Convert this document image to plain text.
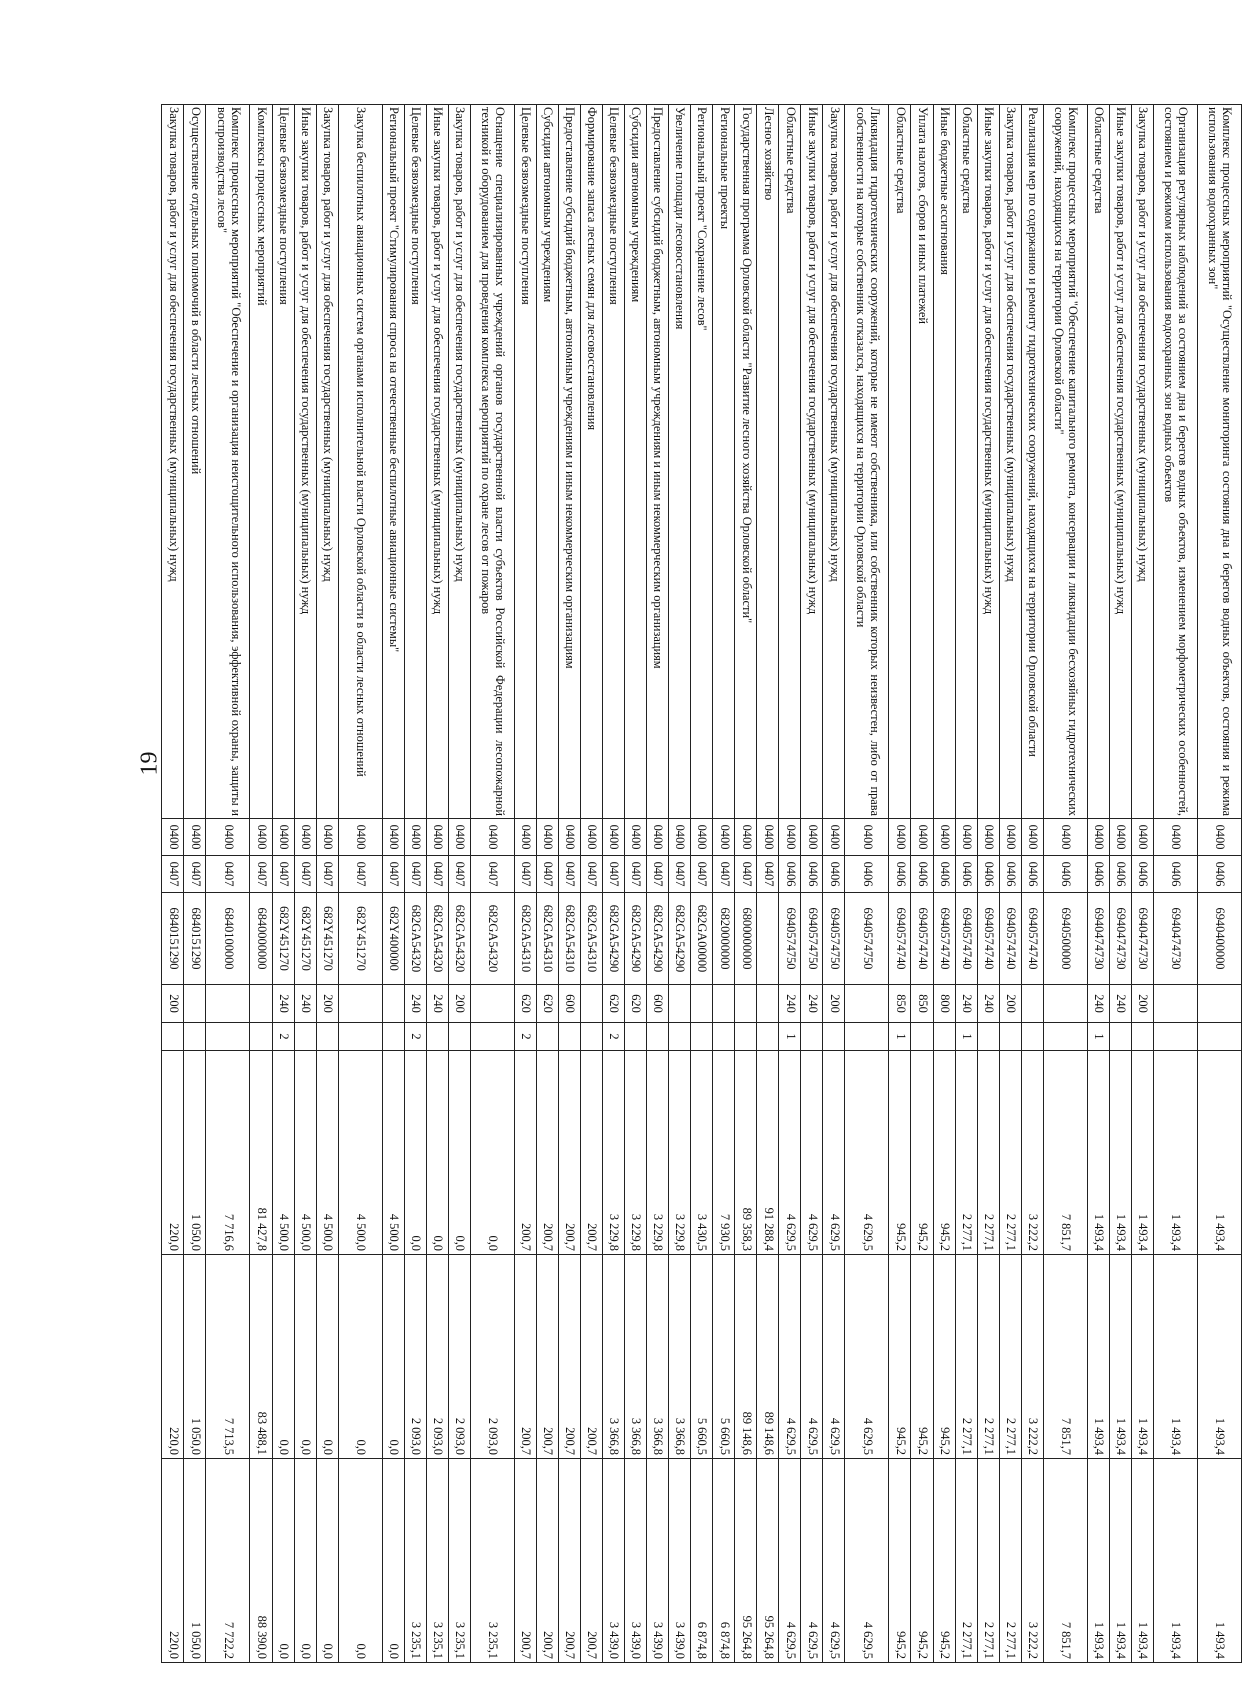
19	Комплекс процессных мероприятий "Осуществление мониторинга состояния дна и берегов водных объектов, состояния и режима использования водоохранных зон"	0400	0406	6940400000			1 493,4	1 493,4	1 493,4
Организация регулярных наблюдений за состоянием дна и берегов водных объектов, изменением морфометрических особенностей, состоянием и режимом использования водоохранных зон водных объектов	0400	0406	6940474730			1 493,4	1 493,4	1 493,4
Закупка товаров, работ и услуг для обеспечения государственных (муниципальных) нужд	0400	0406	6940474730	200		1 493,4	1 493,4	1 493,4
Иные закупки товаров, работ и услуг для обеспечения государственных (муниципальных) нужд	0400	0406	6940474730	240		1 493,4	1 493,4	1 493,4
Областные средства	0400	0406	6940474730	240	1	1 493,4	1 493,4	1 493,4
Комплекс процессных мероприятий "Обеспечение капитального ремонта, консервации и ликвидации бесхозяйных гидротехнических сооружений, находящихся на территории Орловской области"	0400	0406	6940500000			7 851,7	7 851,7	7 851,7
Реализация мер по содержанию и ремонту гидротехнических сооружений, находящихся на территории Орловской области	0400	0406	6940574740			3 222,2	3 222,2	3 222,2
Закупка товаров, работ и услуг для обеспечения государственных (муниципальных) нужд	0400	0406	6940574740	200		2 277,1	2 277,1	2 277,1
Иные закупки товаров, работ и услуг для обеспечения государственных (муниципальных) нужд	0400	0406	6940574740	240		2 277,1	2 277,1	2 277,1
Областные средства	0400	0406	6940574740	240	1	2 277,1	2 277,1	2 277,1
Иные бюджетные ассигнования	0400	0406	6940574740	800		945,2	945,2	945,2
Уплата налогов, сборов и иных платежей	0400	0406	6940574740	850		945,2	945,2	945,2
Областные средства	0400	0406	6940574740	850	1	945,2	945,2	945,2
Ликвидация гидротехнических сооружений, которые не имеют собственника, или собственник которых неизвестен, либо от права собственности на которые собственник отказался, находящихся на территории Орловской области	0400	0406	6940574750			4 629,5	4 629,5	4 629,5
Закупка товаров, работ и услуг для обеспечения государственных (муниципальных) нужд	0400	0406	6940574750	200		4 629,5	4 629,5	4 629,5
Иные закупки товаров, работ и услуг для обеспечения государственных (муниципальных) нужд	0400	0406	6940574750	240		4 629,5	4 629,5	4 629,5
Областные средства	0400	0406	6940574750	240	1	4 629,5	4 629,5	4 629,5
Лесное хозяйство	0400	0407				91 288,4	89 148,6	95 264,8
Государственная программа Орловской области "Развитие лесного хозяйства Орловской области"	0400	0407	6800000000			89 358,3	89 148,6	95 264,8
Региональные проекты	0400	0407	6820000000			7 930,5	5 660,5	6 874,8
Региональный проект "Сохранение лесов"	0400	0407	682GA00000			3 430,5	5 660,5	6 874,8
Увеличение площади лесовосстановления	0400	0407	682GA54290			3 229,8	3 366,8	3 439,0
Предоставление субсидий бюджетным, автономным учреждениям и иным некоммерческим организациям	0400	0407	682GA54290	600		3 229,8	3 366,8	3 439,0
Субсидии автономным учреждениям	0400	0407	682GA54290	620		3 229,8	3 366,8	3 439,0
Целевые безвозмездные поступления	0400	0407	682GA54290	620	2	3 229,8	3 366,8	3 439,0
Формирование запаса лесных семян для лесовосстановления	0400	0407	682GA54310			200,7	200,7	200,7
Предоставление субсидий бюджетным, автономным учреждениям и иным некоммерческим организациям	0400	0407	682GA54310	600		200,7	200,7	200,7
Субсидии автономным учреждениям	0400	0407	682GA54310	620		200,7	200,7	200,7
Целевые безвозмездные поступления	0400	0407	682GA54310	620	2	200,7	200,7	200,7
Оснащение специализированных учреждений органов государственной власти субъектов Российской Федерации лесопожарной техникой и оборудованием для проведения комплекса мероприятий по охране лесов от пожаров	0400	0407	682GA54320			0,0	2 093,0	3 235,1
Закупка товаров, работ и услуг для обеспечения государственных (муниципальных) нужд	0400	0407	682GA54320	200		0,0	2 093,0	3 235,1
Иные закупки товаров, работ и услуг для обеспечения государственных (муниципальных) нужд	0400	0407	682GA54320	240		0,0	2 093,0	3 235,1
Целевые безвозмездные поступления	0400	0407	682GA54320	240	2	0,0	2 093,0	3 235,1
Региональный проект "Стимулирования спроса на отечественные беспилотные авиационные системы"	0400	0407	682Y400000			4 500,0	0,0	0,0
Закупка беспилотных авиационных систем органами исполнительной власти Орловской области в области лесных отношений	0400	0407	682Y451270			4 500,0	0,0	0,0
Закупка товаров, работ и услуг для обеспечения государственных (муниципальных) нужд	0400	0407	682Y451270	200		4 500,0	0,0	0,0
Иные закупки товаров, работ и услуг для обеспечения государственных (муниципальных) нужд	0400	0407	682Y451270	240		4 500,0	0,0	0,0
Целевые безвозмездные поступления	0400	0407	682Y451270	240	2	4 500,0	0,0	0,0
Комплексы процессных мероприятий	0400	0407	6840000000			81 427,8	83 488,1	88 390,0
Комплекс процессных мероприятий "Обеспечение и организация неистощительного использования, эффективной охраны, защиты и воспроизводства лесов"	0400	0407	6840100000			7 716,6	7 713,5	7 722,2
Осуществление отдельных полномочий в области лесных отношений	0400	0407	6840151290			1 050,0	1 050,0	1 050,0
Закупка товаров, работ и услуг для обеспечения государственных (муниципальных) нужд	0400	0407	6840151290	200		220,0	220,0	220,0
